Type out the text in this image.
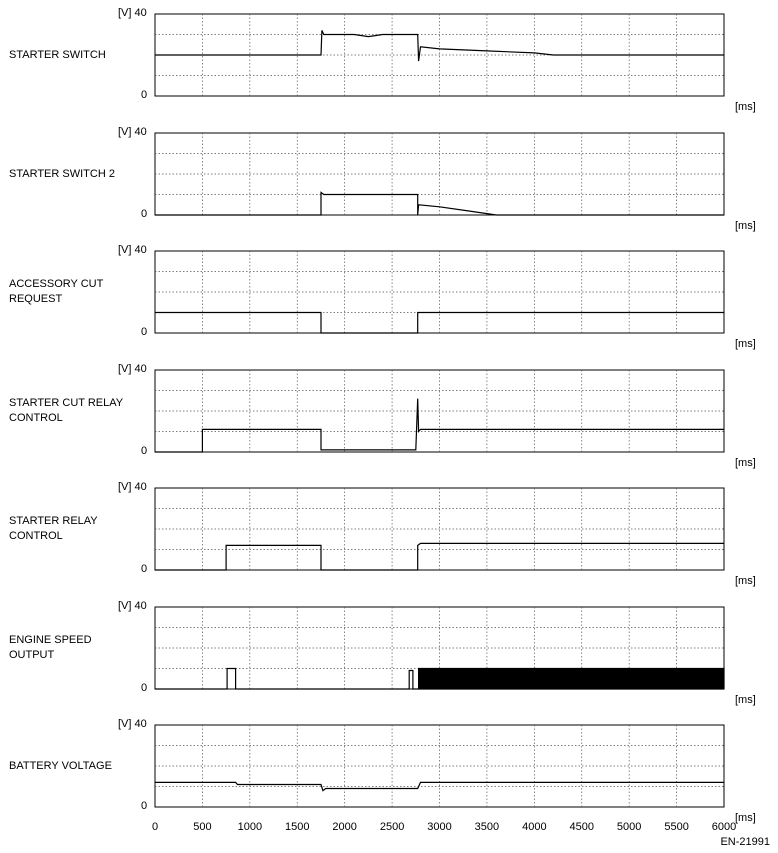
[V] 40
0
[ms]
STARTER SWITCH
[V] 40
0
[ms]
STARTER SWITCH 2
[V] 40
0
[ms]
ACCESSORY CUT
REQUEST
[V] 40
0
[ms]
STARTER CUT RELAY
CONTROL
[V] 40
0
[ms]
STARTER RELAY
CONTROL
[V] 40
0
[ms]
ENGINE SPEED
OUTPUT
[V] 40
0
[ms]
BATTERY VOLTAGE
0	500 1000 1500 2000 2500 3000 3500 4000 4500 5000 5500 6000
EN-21991
